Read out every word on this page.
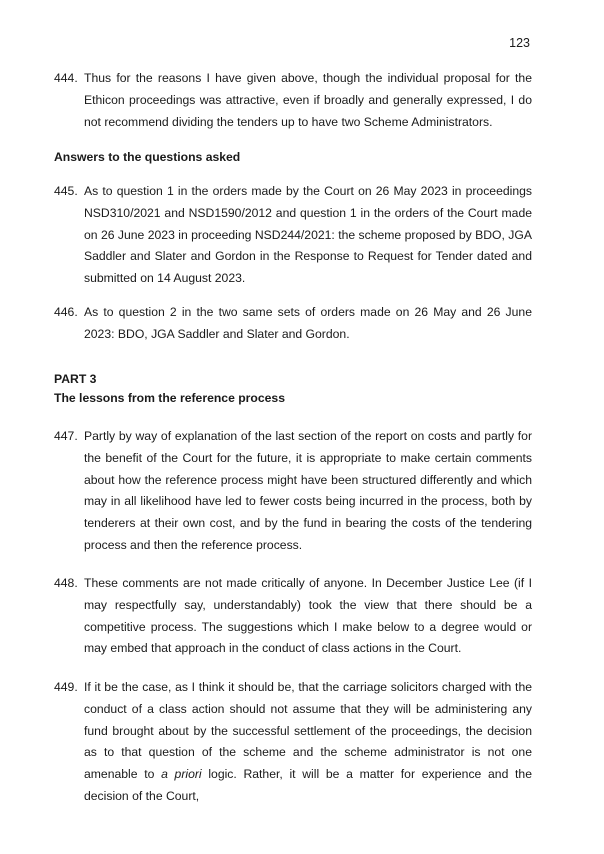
123
444. Thus for the reasons I have given above, though the individual proposal for the Ethicon proceedings was attractive, even if broadly and generally expressed, I do not recommend dividing the tenders up to have two Scheme Administrators.
Answers to the questions asked
445. As to question 1 in the orders made by the Court on 26 May 2023 in proceedings NSD310/2021 and NSD1590/2012 and question 1 in the orders of the Court made on 26 June 2023 in proceeding NSD244/2021: the scheme proposed by BDO, JGA Saddler and Slater and Gordon in the Response to Request for Tender dated and submitted on 14 August 2023.
446. As to question 2 in the two same sets of orders made on 26 May and 26 June 2023: BDO, JGA Saddler and Slater and Gordon.
PART 3
The lessons from the reference process
447. Partly by way of explanation of the last section of the report on costs and partly for the benefit of the Court for the future, it is appropriate to make certain comments about how the reference process might have been structured differently and which may in all likelihood have led to fewer costs being incurred in the process, both by tenderers at their own cost, and by the fund in bearing the costs of the tendering process and then the reference process.
448. These comments are not made critically of anyone. In December Justice Lee (if I may respectfully say, understandably) took the view that there should be a competitive process. The suggestions which I make below to a degree would or may embed that approach in the conduct of class actions in the Court.
449. If it be the case, as I think it should be, that the carriage solicitors charged with the conduct of a class action should not assume that they will be administering any fund brought about by the successful settlement of the proceedings, the decision as to that question of the scheme and the scheme administrator is not one amenable to a priori logic. Rather, it will be a matter for experience and the decision of the Court,
